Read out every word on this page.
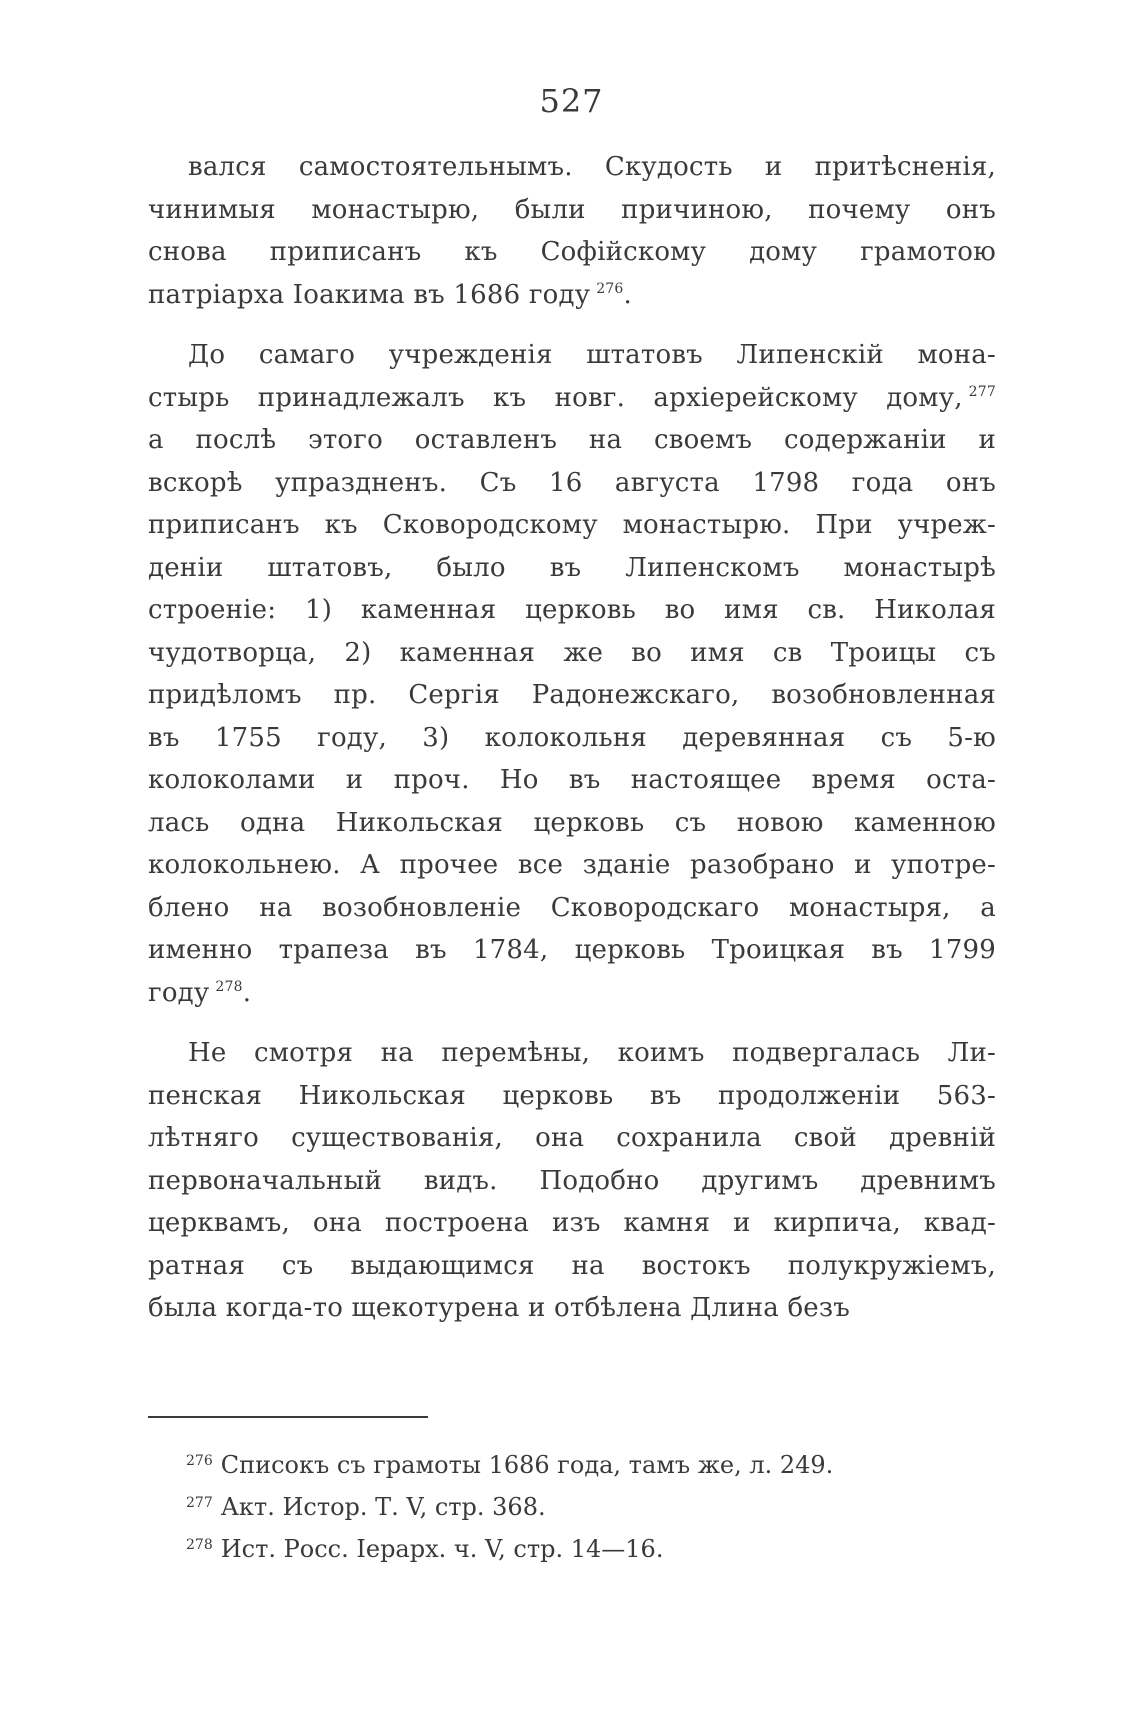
527
вался самостоятельнымъ. Скудость и притѣсненія,
чинимыя монастырю, были причиною, почему онъ
снова приписанъ къ Софійскому дому грамотою
патріарха Іоакима въ 1686 году $^{276}$.
До самаго учрежденія штатовъ Липенскій мона-
стырь принадлежалъ къ новг. архіерейскому дому, $^{277}$
а послѣ этого оставленъ на своемъ содержаніи и
вскорѣ упраздненъ. Съ 16 августа 1798 года онъ
приписанъ къ Сковородскому монастырю. При учреж-
деніи штатовъ, было въ Липенскомъ монастырѣ
строеніе: 1) каменная церковь во имя св. Николая
чудотворца, 2) каменная же во имя св Троицы съ
придѣломъ пр. Сергія Радонежскаго, возобновленная
въ 1755 году, 3) колокольня деревянная съ 5-ю
колоколами и проч. Но въ настоящее время оста-
лась одна Никольская церковь съ новою каменною
колокольнею. А прочее все зданіе разобрано и употре-
блено на возобновленіе Сковородскаго монастыря, а
именно трапеза въ 1784, церковь Троицкая въ 1799
году $^{278}$.
Не смотря на перемѣны, коимъ подвергалась Ли-
пенская Никольская церковь въ продолженіи 563-
лѣтняго существованія, она сохранила свой древній
первоначальный видъ. Подобно другимъ древнимъ
церквамъ, она построена изъ камня и кирпича, квад-
ратная съ выдающимся на востокъ полукружіемъ,
была когда-то щекотурена и отбѣлена Длина безъ
$^{276}$ Списокъ съ грамоты 1686 года, тамъ же, л. 249.
$^{277}$ Акт. Истор. Т. V, стр. 368.
$^{278}$ Ист. Росс. Іерарх. ч. V, стр. 14—16.
